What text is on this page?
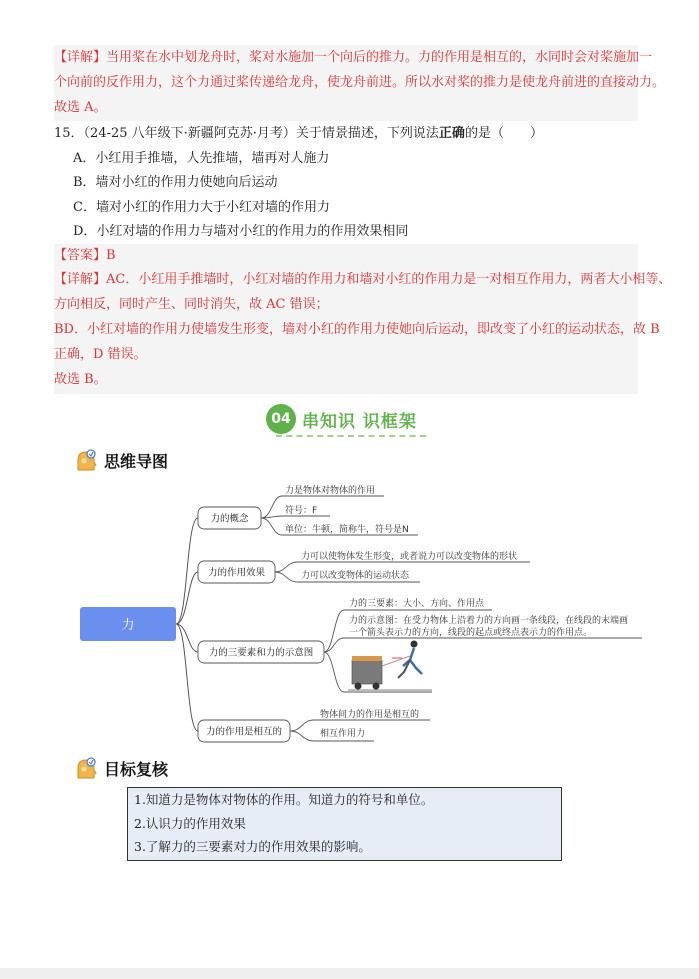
【详解】当用桨在水中划龙舟时，桨对水施加一个向后的推力。力的作用是相互的，水同时会对桨施加一
个向前的反作用力，这个力通过桨传递给龙舟，使龙舟前进。所以水对桨的推力是使龙舟前进的直接动力。
故选 A。
15．（24-25 八年级下·新疆阿克苏·月考）关于情景描述，下列说法正确的是（　　）
A．小红用手推墙，人先推墙，墙再对人施力
B．墙对小红的作用力使她向后运动
C．墙对小红的作用力大于小红对墙的作用力
D．小红对墙的作用力与墙对小红的作用力的作用效果相同
【答案】B
【详解】AC．小红用手推墙时，小红对墙的作用力和墙对小红的作用力是一对相互作用力，两者大小相等、
方向相反，同时产生、同时消失，故 AC 错误；
BD．小红对墙的作用力使墙发生形变，墙对小红的作用力使她向后运动，即改变了小红的运动状态，故 B
正确，D 错误。
故选 B。
04 串知识 识框架
思维导图
力
力的概念
力是物体对物体的作用
符号：F
单位：牛顿，简称牛，符号是N
力的作用效果
力可以使物体发生形变，或者说力可以改变物体的形状
力可以改变物体的运动状态
力的三要素和力的示意图
力的三要素：大小、方向、作用点
力的示意图：在受力物体上沿着力的方向画一条线段，在线段的末端画
一个箭头表示力的方向，线段的起点或终点表示力的作用点。
力的作用是相互的
物体间力的作用是相互的
相互作用力
目标复核
1.知道力是物体对物体的作用。知道力的符号和单位。
2.认识力的作用效果
3.了解力的三要素对力的作用效果的影响。
